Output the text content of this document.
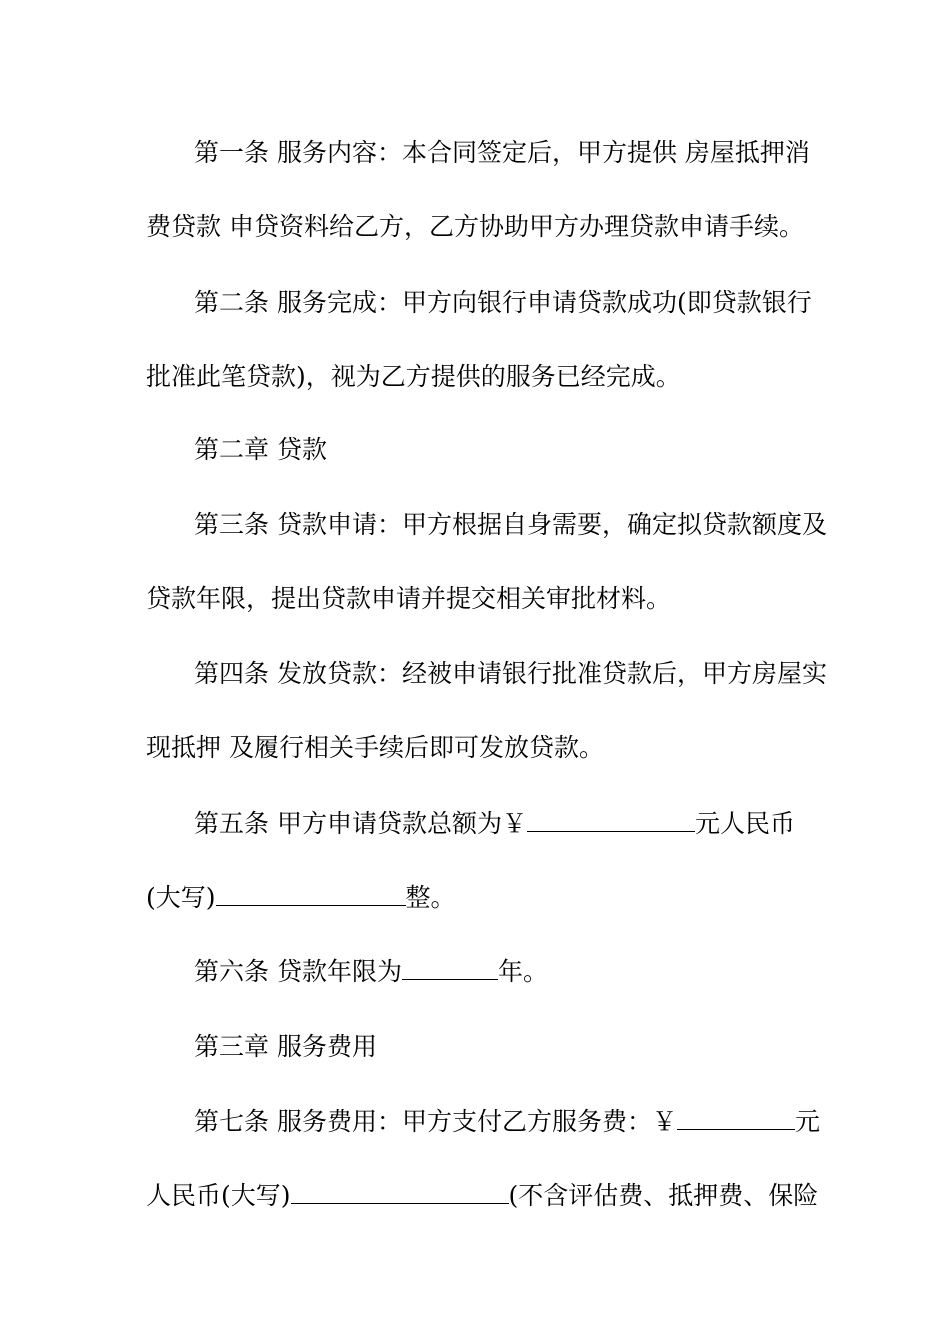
第一条 服务内容：本合同签定后，甲方提供 房屋抵押消
费贷款 申贷资料给乙方，乙方协助甲方办理贷款申请手续。
第二条 服务完成：甲方向银行申请贷款成功(即贷款银行
批准此笔贷款)，视为乙方提供的服务已经完成。
第二章 贷款
第三条 贷款申请：甲方根据自身需要，确定拟贷款额度及
贷款年限，提出贷款申请并提交相关审批材料。
第四条 发放贷款：经被申请银行批准贷款后，甲方房屋实
现抵押 及履行相关手续后即可发放贷款。
第五条 甲方申请贷款总额为￥	元人民币
(大写)	整。
第六条 贷款年限为	年。
第三章 服务费用
第七条 服务费用：甲方支付乙方服务费：￥	元
人民币(大写)	(不含评估费、抵押费、保险
